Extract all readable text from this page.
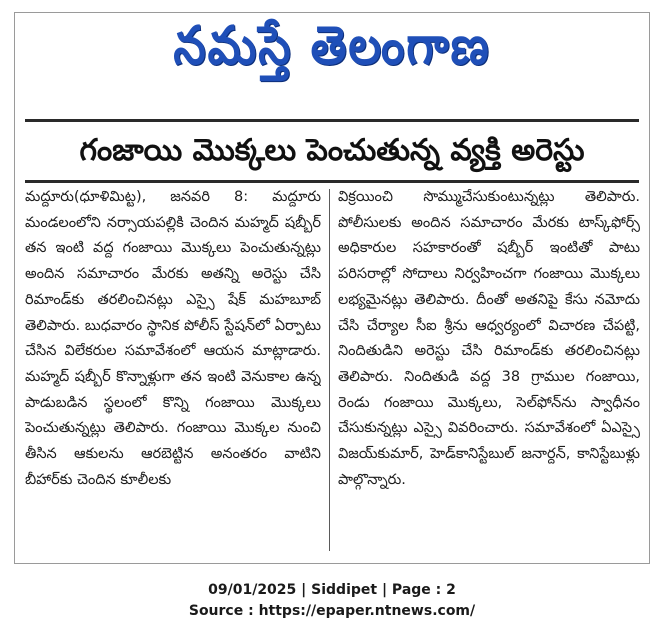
నమస్తే తెలంగాణ
గంజాయి మొక్కలు పెంచుతున్న వ్యక్తి అరెస్టు
మద్దూరు(ధూళిమిట్ట), జనవరి 8: మద్దూరు మండలంలోని నర్సాయపల్లికి చెందిన మహ్మద్ షబ్బీర్ తన ఇంటి వద్ద గంజాయి మొక్కలు పెంచుతున్నట్లు అందిన సమాచారం మేరకు అతన్ని అరెస్టు చేసి రిమాండ్‌కు తరలించినట్లు ఎస్సై షేక్ మహబూబ్ తెలిపారు. బుధవారం స్థానిక పోలీస్ స్టేషన్‌లో ఏర్పాటు చేసిన విలేకరుల సమావేశంలో ఆయన మాట్లాడారు. మహ్మద్ షబ్బీర్ కొన్నాళ్లుగా తన ఇంటి వెనుకాల ఉన్న పాడుబడిన స్థలంలో కొన్ని గంజాయి మొక్కలు పెంచుతున్నట్లు తెలిపారు. గంజాయి మొక్కల నుంచి తీసిన ఆకులను ఆరబెట్టిన అనంతరం వాటిని బీహార్‌కు చెందిన కూలీలకు
విక్రయించి సొమ్ముచేసుకుంటున్నట్లు తెలిపారు. పోలీసులకు అందిన సమాచారం మేరకు టాస్క్‌ఫోర్స్ అధికారుల సహకారంతో షబ్బీర్ ఇంటితో పాటు పరిసరాల్లో సోదాలు నిర్వహించగా గంజాయి మొక్కలు లభ్యమైనట్లు తెలిపారు. దీంతో అతనిపై కేసు నమోదు చేసి చేర్యాల సీఐ శ్రీను ఆధ్వర్యంలో విచారణ చేపట్టి, నిందితుడిని అరెస్టు చేసి రిమాండ్‌కు తరలించినట్లు తెలిపారు. నిందితుడి వద్ద 38 గ్రాముల గంజాయి, రెండు గంజాయి మొక్కలు, సెల్‌ఫోన్‌ను స్వాధీనం చేసుకున్నట్లు ఎస్సై వివరించారు. సమావేశంలో ఏఎస్సై విజయ్‌కుమార్, హెడ్‌కానిస్టేబుల్ జనార్దన్, కానిస్టేబుళ్లు పాల్గొన్నారు.
09/01/2025 | Siddipet | Page : 2
Source : https://epaper.ntnews.com/
